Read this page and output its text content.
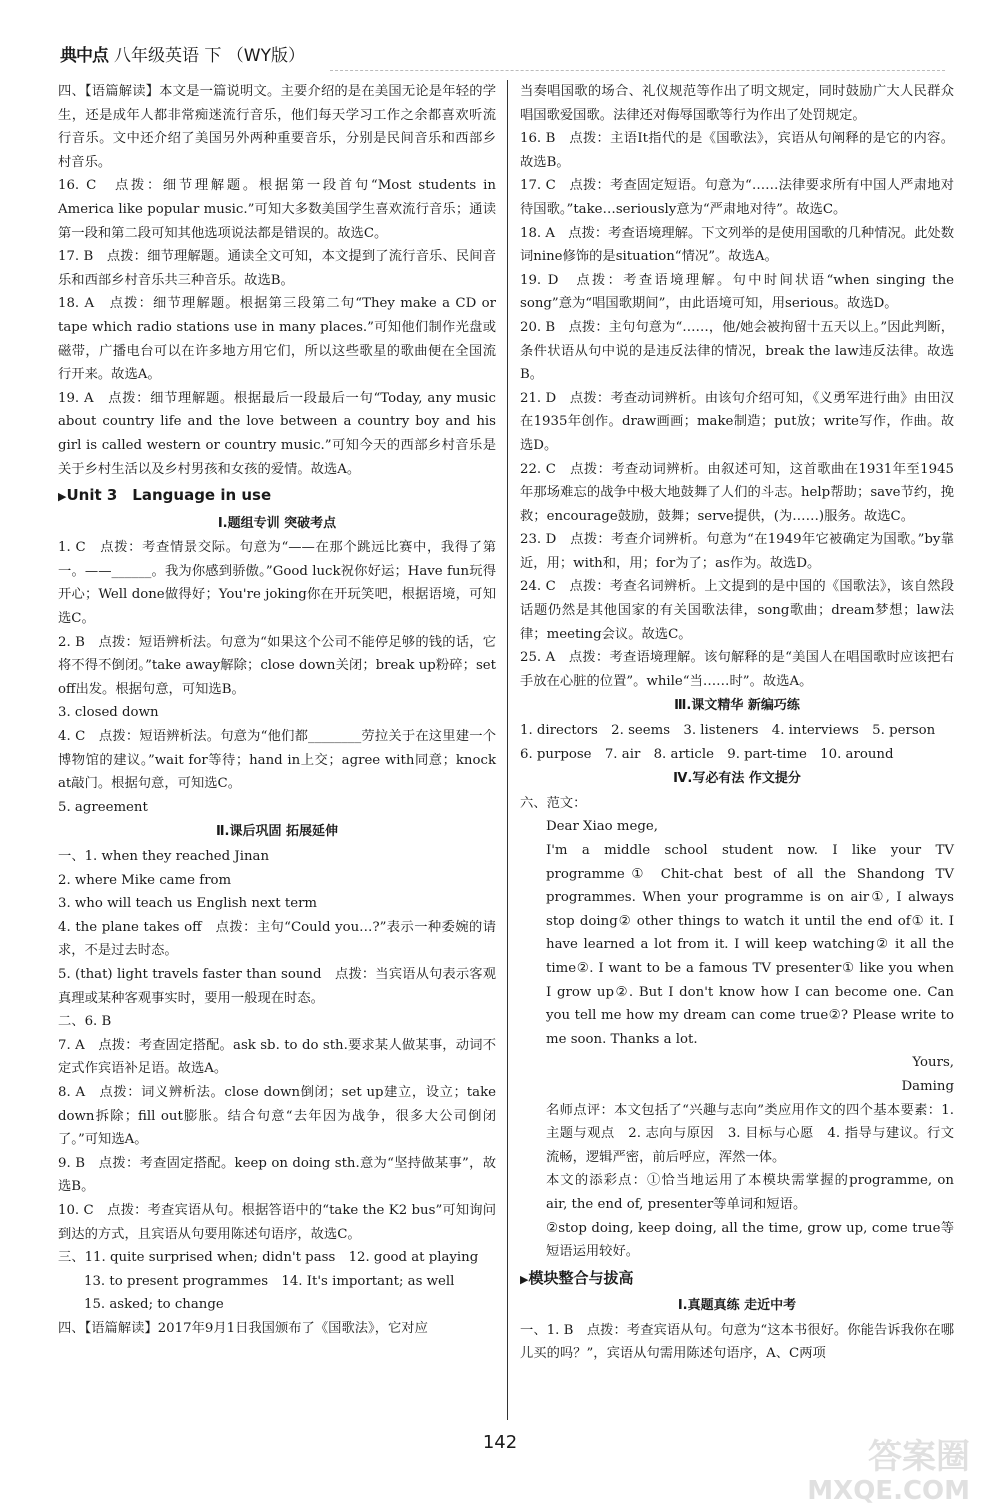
典中点 八年级英语 下 （WY版）

四、【语篇解读】本文是一篇说明文。主要介绍的是在美国无论是年轻的学生，还是成年人都非常痴迷流行音乐，他们每天学习工作之余都喜欢听流行音乐。文中还介绍了美国另外两种重要音乐，分别是民间音乐和西部乡村音乐。

16. C　点拨：细节理解题。根据第一段首句“Most students in America like popular music.”可知大多数美国学生喜欢流行音乐；通读第一段和第二段可知其他选项说法都是错误的。故选C。

17. B　点拨：细节理解题。通读全文可知，本文提到了流行音乐、民间音乐和西部乡村音乐共三种音乐。故选B。

18. A　点拨：细节理解题。根据第三段第二句“They make a CD or tape which radio stations use in many places.”可知他们制作光盘或磁带，广播电台可以在许多地方用它们，所以这些歌星的歌曲便在全国流行开来。故选A。

19. A　点拨：细节理解题。根据最后一段最后一句“Today, any music about country life and the love between a country boy and his girl is called western or country music.”可知今天的西部乡村音乐是关于乡村生活以及乡村男孩和女孩的爱情。故选A。

▶Unit 3　Language in use
Ⅰ.题组专训 突破考点

1. C　点拨：考查情景交际。句意为“——在那个跳远比赛中，我得了第一。——______。我为你感到骄傲。”Good luck祝你好运；Have fun玩得开心；Well done做得好；You're joking你在开玩笑吧，根据语境，可知选C。

2. B　点拨：短语辨析法。句意为“如果这个公司不能停足够的钱的话，它将不得不倒闭。”take away解除；close down关闭；break up粉碎；set off出发。根据句意，可知选B。

3. closed down

4. C　点拨：短语辨析法。句意为“他们都________劳拉关于在这里建一个博物馆的建议。”wait for等待；hand in上交；agree with同意；knock at敲门。根据句意，可知选C。

5. agreement

Ⅱ.课后巩固 拓展延伸

一、1. when they reached Jinan

2. where Mike came from

3. who will teach us English next term

4. the plane takes off　点拨：主句“Could you…?”表示一种委婉的请求，不是过去时态。

5. (that) light travels faster than sound　点拨：当宾语从句表示客观真理或某种客观事实时，要用一般现在时态。

二、6. B

7. A　点拨：考查固定搭配。ask sb. to do sth.要求某人做某事，动词不定式作宾语补足语。故选A。

8. A　点拨：词义辨析法。close down倒闭；set up建立，设立；take down拆除；fill out膨胀。结合句意“去年因为战争，很多大公司倒闭了。”可知选A。

9. B　点拨：考查固定搭配。keep on doing sth.意为“坚持做某事”，故选B。

10. C　点拨：考查宾语从句。根据答语中的“take the K2 bus”可知询问到达的方式，且宾语从句要用陈述句语序，故选C。

三、11. quite surprised when; didn't pass　12. good at playing

13. to present programmes　14. It's important; as well

15. asked; to change

四、【语篇解读】2017年9月1日我国颁布了《国歌法》，它对应

当奏唱国歌的场合、礼仪规范等作出了明文规定，同时鼓励广大人民群众唱国歌爱国歌。法律还对侮辱国歌等行为作出了处罚规定。

16. B　点拨：主语It指代的是《国歌法》，宾语从句阐释的是它的内容。故选B。

17. C　点拨：考查固定短语。句意为“……法律要求所有中国人严肃地对待国歌。”take…seriously意为“严肃地对待”。故选C。

18. A　点拨：考查语境理解。下文列举的是使用国歌的几种情况。此处数词nine修饰的是situation“情况”。故选A。

19. D　点拨：考查语境理解。句中时间状语“when singing the song”意为“唱国歌期间”，由此语境可知，用serious。故选D。

20. B　点拨：主句句意为“……，他/她会被拘留十五天以上。”因此判断，条件状语从句中说的是违反法律的情况，break the law违反法律。故选B。

21. D　点拨：考查动词辨析。由该句介绍可知，《义勇军进行曲》由田汉在1935年创作。draw画画；make制造；put放；write写作，作曲。故选D。

22. C　点拨：考查动词辨析。由叙述可知，这首歌曲在1931年至1945年那场难忘的战争中极大地鼓舞了人们的斗志。help帮助；save节约，挽救；encourage鼓励，鼓舞；serve提供，(为……)服务。故选C。

23. D　点拨：考查介词辨析。句意为“在1949年它被确定为国歌。”by靠近，用；with和，用；for为了；as作为。故选D。

24. C　点拨：考查名词辨析。上文提到的是中国的《国歌法》，该自然段话题仍然是其他国家的有关国歌法律，song歌曲；dream梦想；law法律；meeting会议。故选C。

25. A　点拨：考查语境理解。该句解释的是“美国人在唱国歌时应该把右手放在心脏的位置”。while“当……时”。故选A。

Ⅲ.课文精华 新编巧练

1. directors　2. seems　3. listeners　4. interviews　5. person

6. purpose　7. air　8. article　9. part-time　10. around

Ⅳ.写必有法 作文提分

六、范文：

Dear Xiao mege,

I'm a middle school student now. I like your TV programme① Chit-chat best of all the Shandong TV programmes. When your programme is on air①, I always stop doing② other things to watch it until the end of① it. I have learned a lot from it. I will keep watching② it all the time②. I want to be a famous TV presenter① like you when I grow up②. But I don't know how I can become one. Can you tell me how my dream can come true②? Please write to me soon. Thanks a lot.

Yours,

Daming

名师点评：本文包括了“兴趣与志向”类应用作文的四个基本要素：1. 主题与观点　2. 志向与原因　3. 目标与心愿　4. 指导与建议。行文流畅，逻辑严密，前后呼应，浑然一体。

本文的添彩点：①恰当地运用了本模块需掌握的programme, on air, the end of, presenter等单词和短语。

②stop doing, keep doing, all the time, grow up, come true等短语运用较好。

▶模块整合与拔高
Ⅰ.真题真练 走近中考

一、1. B　点拨：考查宾语从句。句意为“这本书很好。你能告诉我你在哪儿买的吗？”，宾语从句需用陈述句语序，A、C两项

142	答案圈
MXQE.COM
